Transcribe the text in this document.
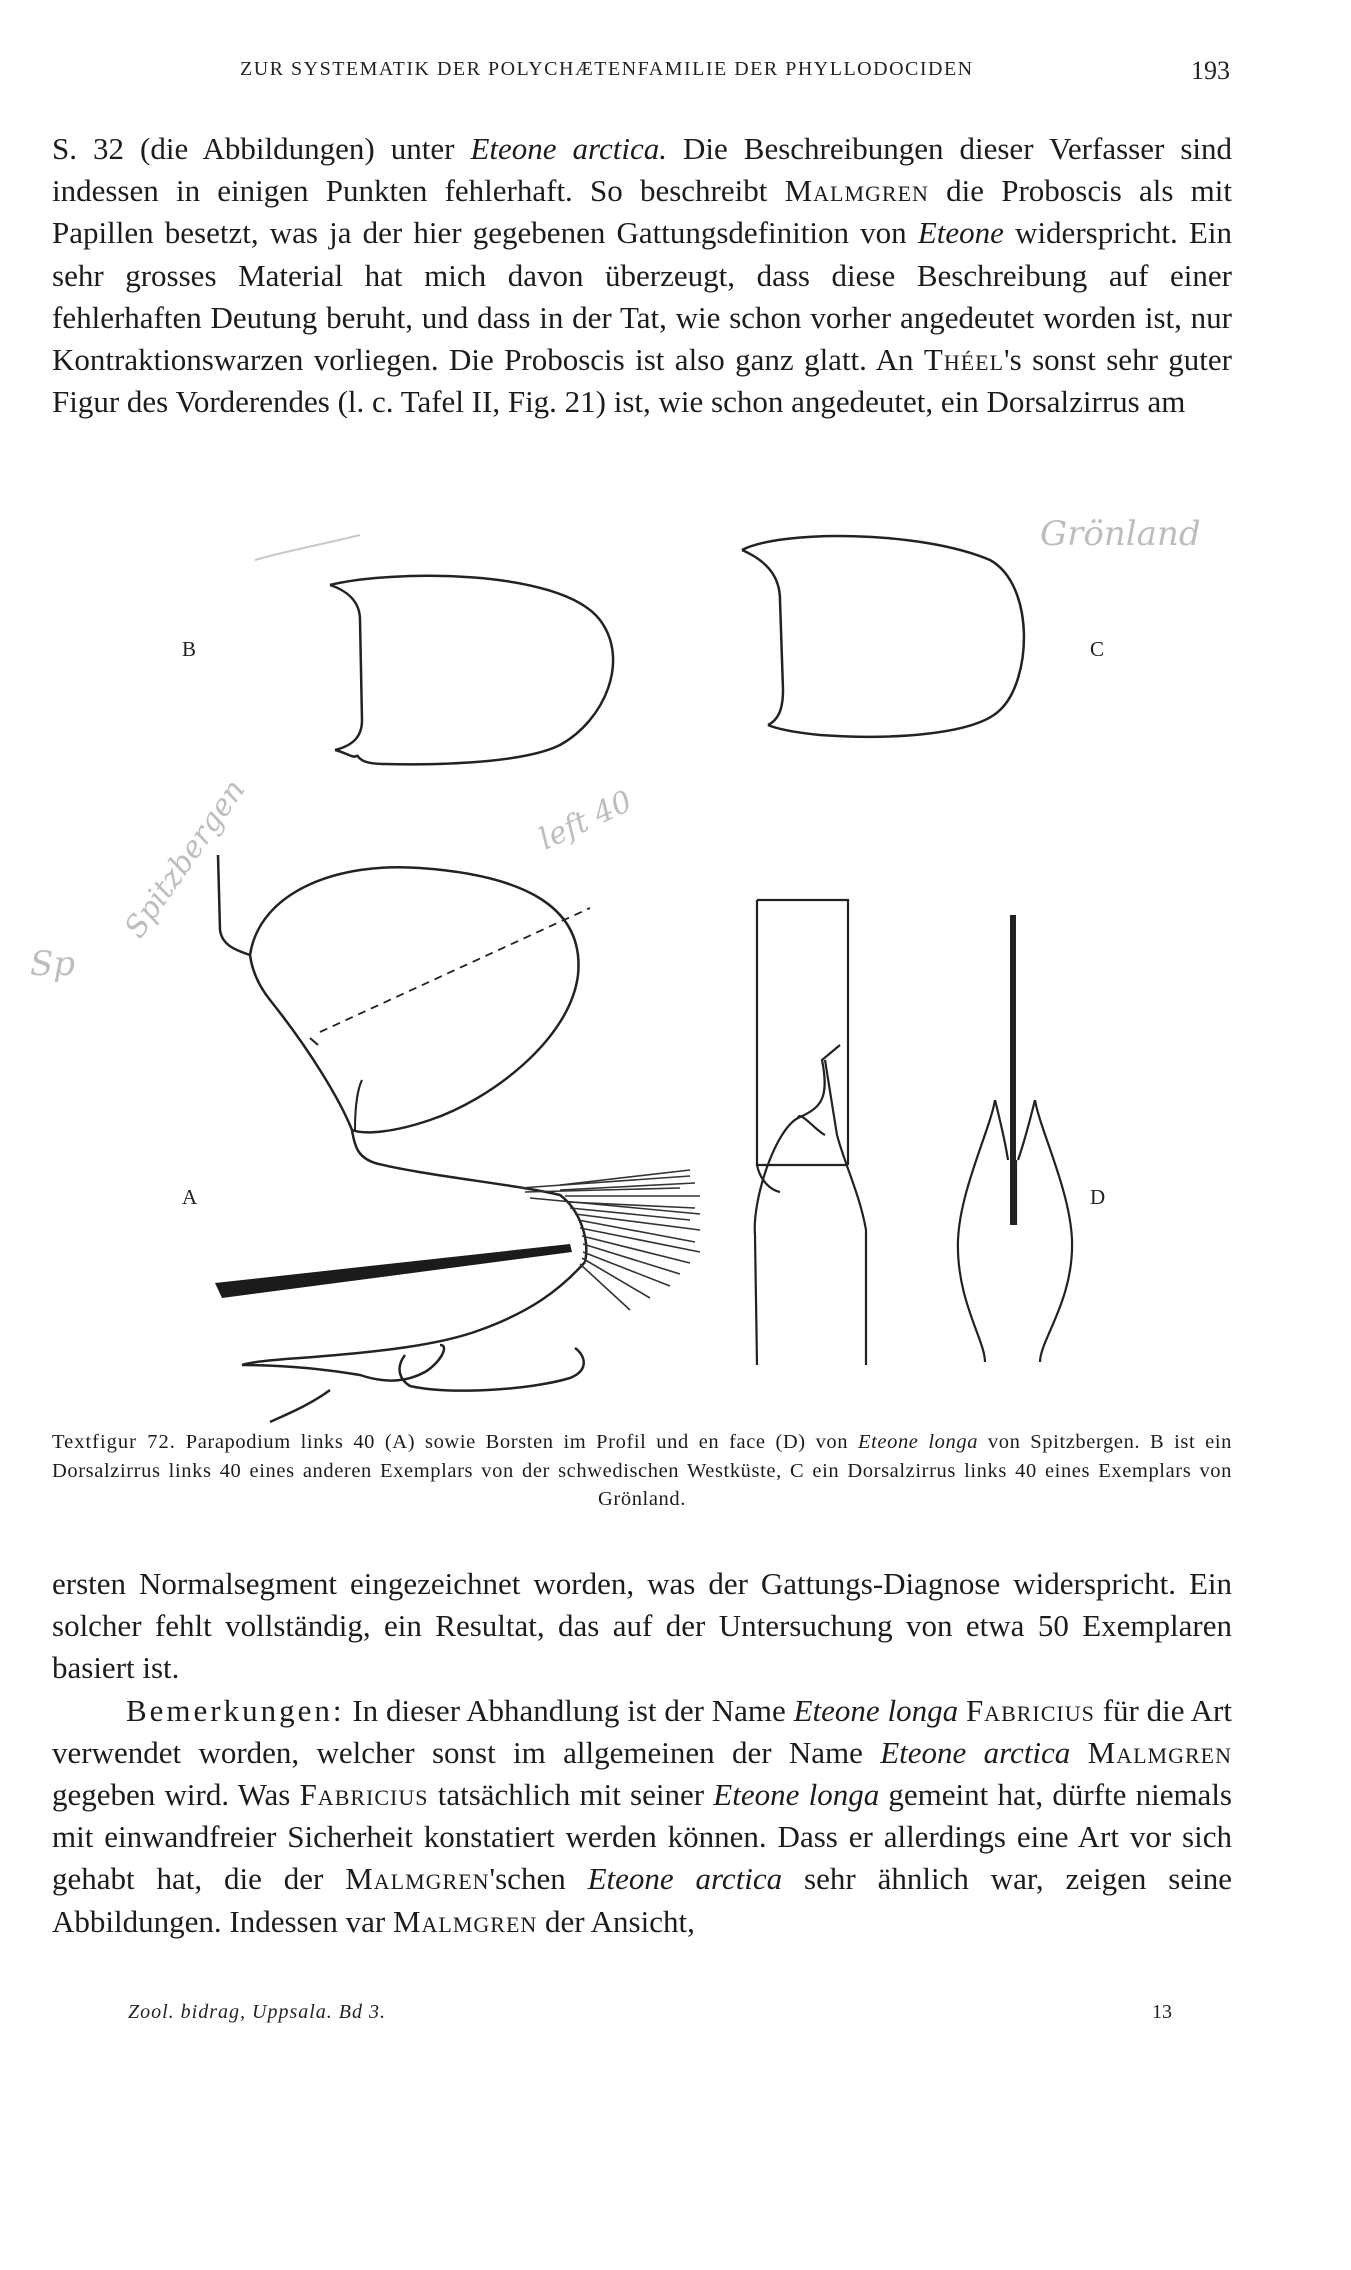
ZUR SYSTEMATIK DER POLYCHÆTENFAMILIE DER PHYLLODOCIDEN	193

S. 32 (die Abbildungen) unter Eteone arctica. Die Beschreibungen dieser Verfasser sind indessen in einigen Punkten fehlerhaft. So beschreibt Malmgren die Proboscis als mit Papillen besetzt, was ja der hier gegebenen Gattungsdefinition von Eteone widerspricht. Ein sehr grosses Material hat mich davon überzeugt, dass diese Beschreibung auf einer fehlerhaften Deutung beruht, und dass in der Tat, wie schon vorher angedeutet worden ist, nur Kontraktionswarzen vorliegen. Die Proboscis ist also ganz glatt. An Théel's sonst sehr guter Figur des Vorderendes (l. c. Tafel II, Fig. 21) ist, wie schon angedeutet, ein Dorsalzirrus am

Grönland
Spitzbergen
Sp
left 40
B	C
A	D
Textfigur 72. Parapodium links 40 (A) sowie Borsten im Profil und en face (D) von Eteone longa von Spitzbergen. B ist ein Dorsalzirrus links 40 eines anderen Exemplars von der schwedischen Westküste, C ein Dorsalzirrus links 40 eines Exemplars von Grönland.

ersten Normalsegment eingezeichnet worden, was der Gattungs-Diagnose widerspricht. Ein solcher fehlt vollständig, ein Resultat, das auf der Untersuchung von etwa 50 Exemplaren basiert ist.

Bemerkungen: In dieser Abhandlung ist der Name Eteone longa Fabricius für die Art verwendet worden, welcher sonst im allgemeinen der Name Eteone arctica Malmgren gegeben wird. Was Fabricius tatsächlich mit seiner Eteone longa gemeint hat, dürfte niemals mit einwandfreier Sicherheit konstatiert werden können. Dass er allerdings eine Art vor sich gehabt hat, die der Malmgren'schen Eteone arctica sehr ähnlich war, zeigen seine Abbildungen. Indessen var Malmgren der Ansicht,

Zool. bidrag, Uppsala. Bd 3.	13
